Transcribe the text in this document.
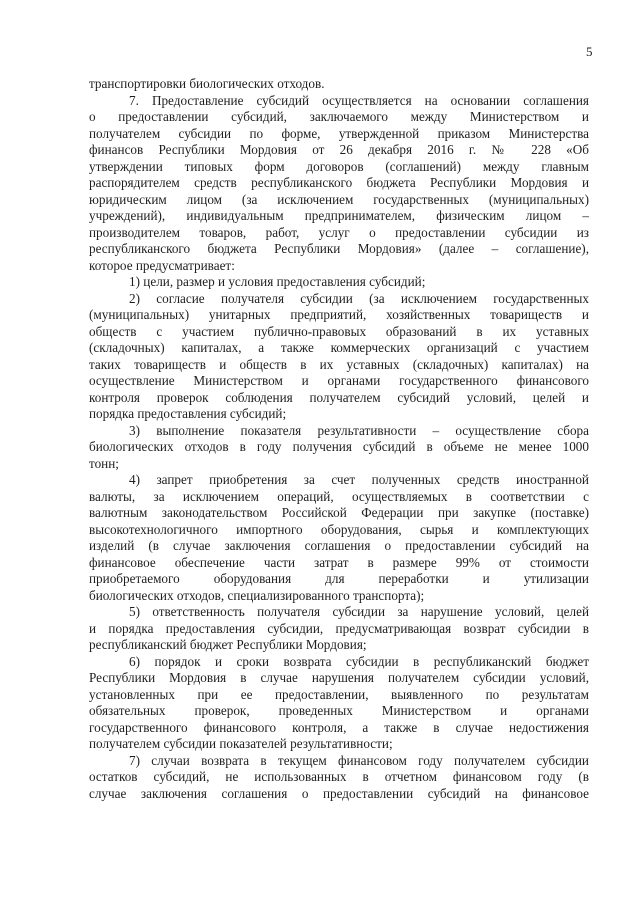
5
транспортировки биологических отходов.
7. Предоставление субсидий осуществляется на основании соглашения
о предоставлении субсидий, заключаемого между Министерством и
получателем субсидии по форме, утвержденной приказом Министерства
финансов Республики Мордовия от 26 декабря 2016 г. № 228 «Об
утверждении типовых форм договоров (соглашений) между главным
распорядителем средств республиканского бюджета Республики Мордовия и
юридическим лицом (за исключением государственных (муниципальных)
учреждений), индивидуальным предпринимателем, физическим лицом –
производителем товаров, работ, услуг о предоставлении субсидии из
республиканского бюджета Республики Мордовия» (далее – соглашение),
которое предусматривает:
1) цели, размер и условия предоставления субсидий;
2) согласие получателя субсидии (за исключением государственных
(муниципальных) унитарных предприятий, хозяйственных товариществ и
обществ с участием публично-правовых образований в их уставных
(складочных) капиталах, а также коммерческих организаций с участием
таких товариществ и обществ в их уставных (складочных) капиталах) на
осуществление Министерством и органами государственного финансового
контроля проверок соблюдения получателем субсидий условий, целей и
порядка предоставления субсидий;
3) выполнение показателя результативности – осуществление сбора
биологических отходов в году получения субсидий в объеме не менее 1000
тонн;
4) запрет приобретения за счет полученных средств иностранной
валюты, за исключением операций, осуществляемых в соответствии с
валютным законодательством Российской Федерации при закупке (поставке)
высокотехнологичного импортного оборудования, сырья и комплектующих
изделий (в случае заключения соглашения о предоставлении субсидий на
финансовое обеспечение части затрат в размере 99% от стоимости
приобретаемого оборудования для переработки и утилизации
биологических отходов, специализированного транспорта);
5) ответственность получателя субсидии за нарушение условий, целей
и порядка предоставления субсидии, предусматривающая возврат субсидии в
республиканский бюджет Республики Мордовия;
6) порядок и сроки возврата субсидии в республиканский бюджет
Республики Мордовия в случае нарушения получателем субсидии условий,
установленных при ее предоставлении, выявленного по результатам
обязательных проверок, проведенных Министерством и органами
государственного финансового контроля, а также в случае недостижения
получателем субсидии показателей результативности;
7) случаи возврата в текущем финансовом году получателем субсидии
остатков субсидий, не использованных в отчетном финансовом году (в
случае заключения соглашения о предоставлении субсидий на финансовое
